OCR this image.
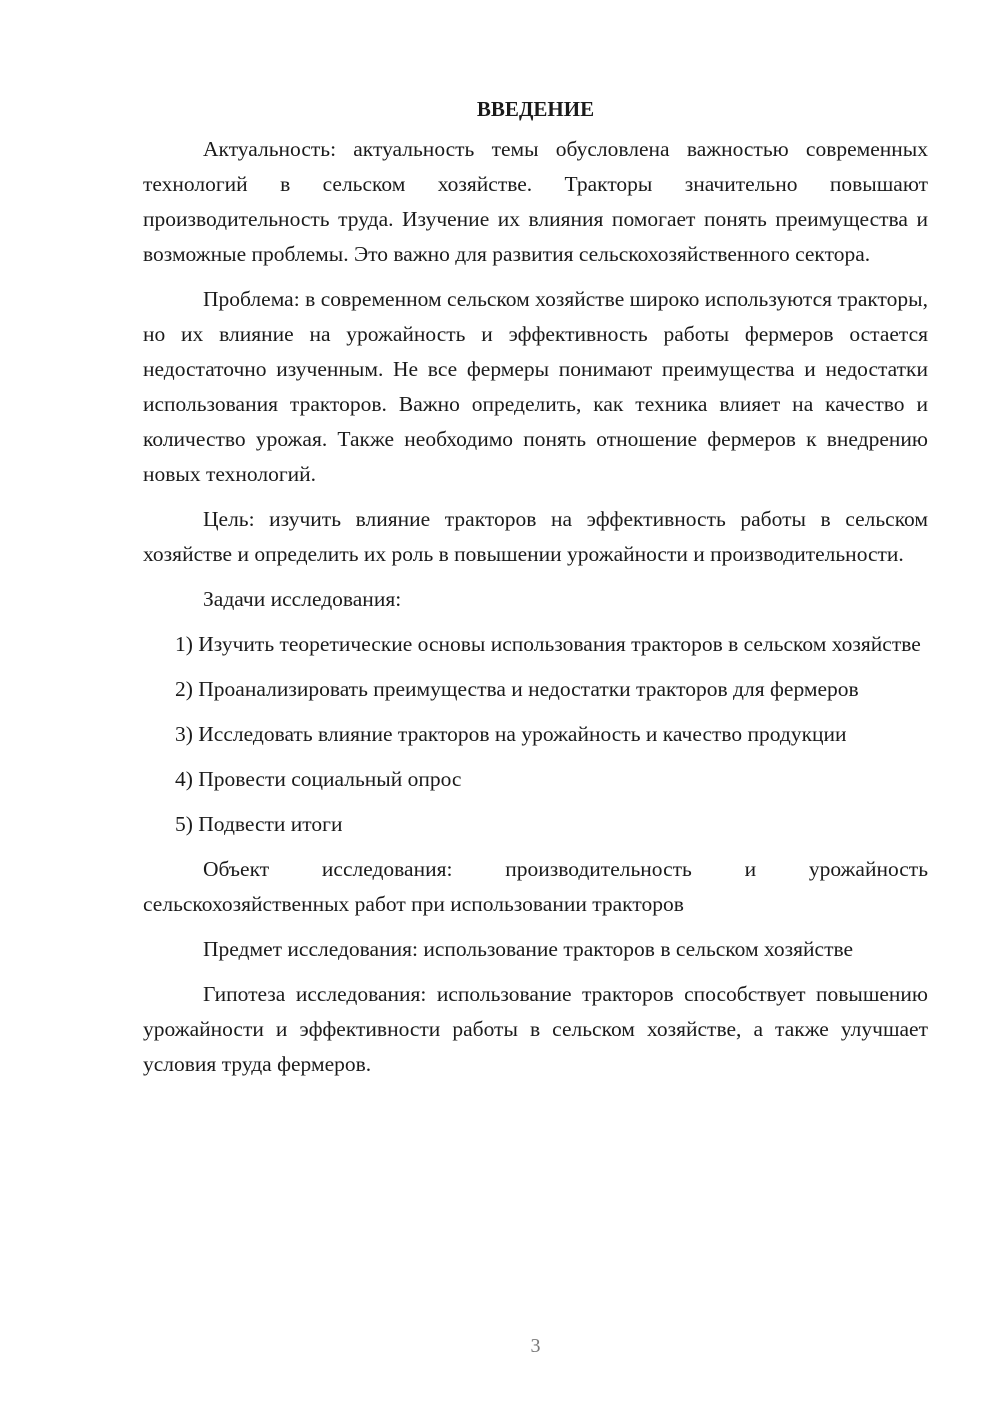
ВВЕДЕНИЕ

Актуальность: актуальность темы обусловлена важностью современных технологий в сельском хозяйстве. Тракторы значительно повышают производительность труда. Изучение их влияния помогает понять преимущества и возможные проблемы. Это важно для развития сельскохозяйственного сектора.

Проблема: в современном сельском хозяйстве широко используются тракторы, но их влияние на урожайность и эффективность работы фермеров остается недостаточно изученным. Не все фермеры понимают преимущества и недостатки использования тракторов. Важно определить, как техника влияет на качество и количество урожая. Также необходимо понять отношение фермеров к внедрению новых технологий.

Цель: изучить влияние тракторов на эффективность работы в сельском хозяйстве и определить их роль в повышении урожайности и производительности.

Задачи исследования:

1) Изучить теоретические основы использования тракторов в сельском хозяйстве

2) Проанализировать преимущества и недостатки тракторов для фермеров

3) Исследовать влияние тракторов на урожайность и качество продукции

4) Провести социальный опрос

5) Подвести итоги

Объект исследования: производительность и урожайность сельскохозяйственных работ при использовании тракторов

Предмет исследования: использование тракторов в сельском хозяйстве

Гипотеза исследования: использование тракторов способствует повышению урожайности и эффективности работы в сельском хозяйстве, а также улучшает условия труда фермеров.

3
